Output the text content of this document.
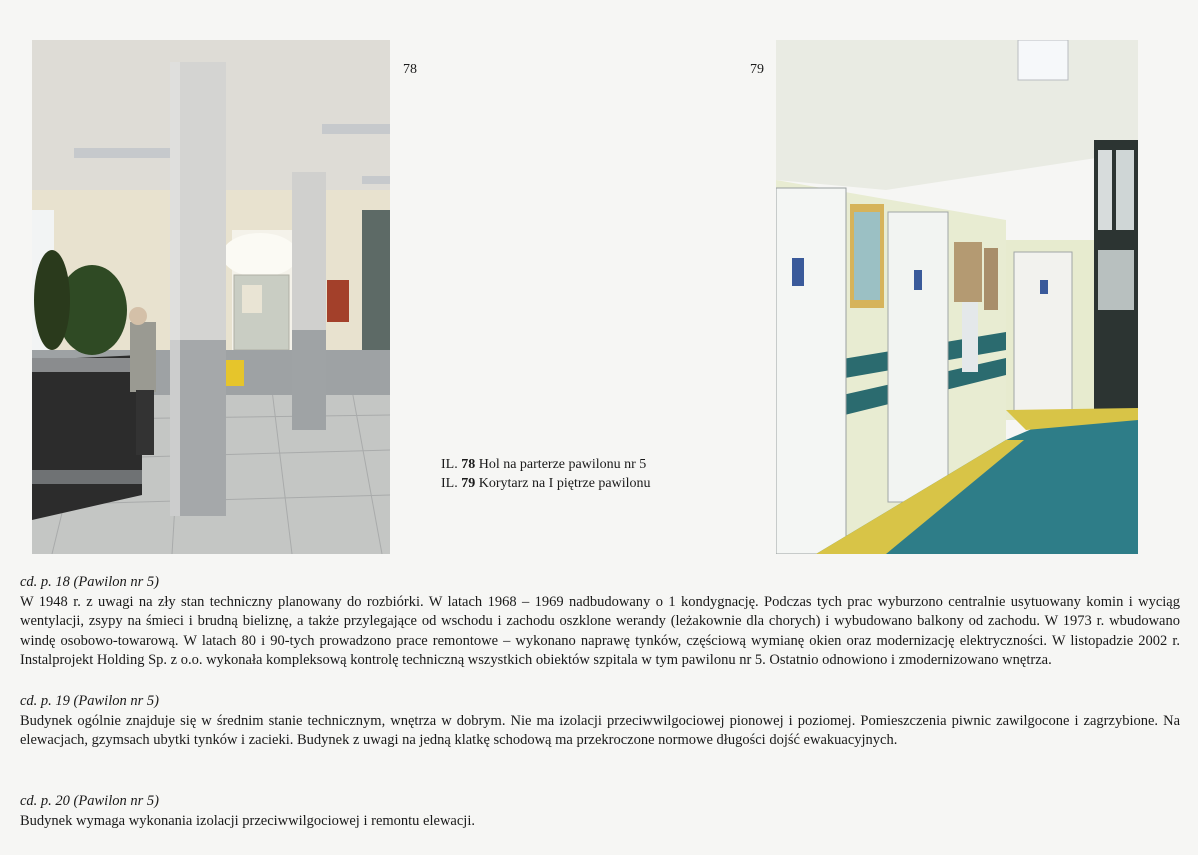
78	79
IL. 78 Hol na parterze pawilonu nr 5
IL. 79 Korytarz na I piętrze pawilonu
cd. p. 18 (Pawilon nr 5)
W 1948 r. z uwagi na zły stan techniczny planowany do rozbiórki. W latach 1968 – 1969 nadbudowany o 1 kondygnację. Podczas tych prac wyburzono centralnie usytuowany komin i wyciąg wentylacji, zsypy na śmieci i brudną bieliznę, a także przylegające od wschodu i zachodu oszklone werandy (leżakownie dla chorych) i wybudowano balkony od zachodu. W 1973 r. wbudowano windę osobowo-towarową. W latach 80 i 90-tych prowadzono prace remontowe – wykonano naprawę tynków, częściową wymianę okien oraz modernizację elektryczności. W listopadzie 2002 r. Instalprojekt Holding Sp. z o.o. wykonała kompleksową kontrolę techniczną wszystkich obiektów szpitala w tym pawilonu nr 5. Ostatnio odnowiono i zmodernizowano wnętrza.
cd. p. 19 (Pawilon nr 5)
Budynek ogólnie znajduje się w średnim stanie technicznym, wnętrza w dobrym. Nie ma izolacji przeciwwilgociowej pionowej i poziomej. Pomieszczenia piwnic zawilgocone i zagrzybione. Na elewacjach, gzymsach ubytki tynków i zacieki. Budynek z uwagi na jedną klatkę schodową ma przekroczone normowe długości dojść ewakuacyjnych.
cd. p. 20 (Pawilon nr 5)
Budynek wymaga wykonania izolacji przeciwwilgociowej i remontu elewacji.
